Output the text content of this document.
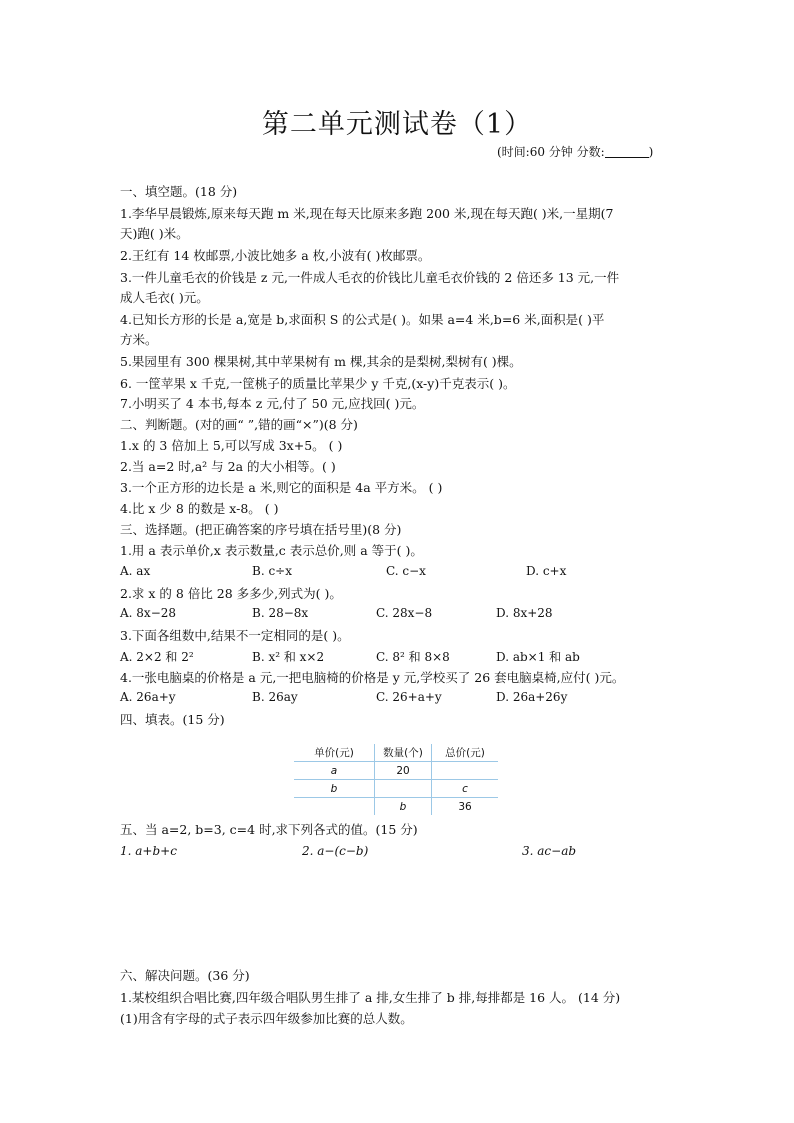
第二单元测试卷（1）
(时间:60 分钟 分数:	)
一、填空题。(18 分)
1.李华早晨锻炼,原来每天跑 m 米,现在每天比原来多跑 200 米,现在每天跑( )米,一星期(7
天)跑( )米。
2.王红有 14 枚邮票,小波比她多 a 枚,小波有( )枚邮票。
3.一件儿童毛衣的价钱是 z 元,一件成人毛衣的价钱比儿童毛衣价钱的 2 倍还多 13 元,一件
成人毛衣( )元。
4.已知长方形的长是 a,宽是 b,求面积 S 的公式是( )。如果 a=4 米,b=6 米,面积是( )平
方米。
5.果园里有 300 棵果树,其中苹果树有 m 棵,其余的是梨树,梨树有( )棵。
6. 一筐苹果 x 千克,一筐桃子的质量比苹果少 y 千克,(x-y)千克表示( )。
7.小明买了 4 本书,每本 z 元,付了 50 元,应找回( )元。
二、判断题。(对的画“ ”,错的画“×”)(8 分)
1.x 的 3 倍加上 5,可以写成 3x+5。 ( )
2.当 a=2 时,a² 与 2a 的大小相等。( )
3.一个正方形的边长是 a 米,则它的面积是 4a 平方米。 ( )
4.比 x 少 8 的数是 x-8。 ( )
三、选择题。(把正确答案的序号填在括号里)(8 分)
1.用 a 表示单价,x 表示数量,c 表示总价,则 a 等于( )。
A. ax	B. c÷x	C. c−x	D. c+x
2.求 x 的 8 倍比 28 多多少,列式为( )。
A. 8x−28	B. 28−8x	C. 28x−8	D. 8x+28
3.下面各组数中,结果不一定相同的是( )。
A. 2×2 和 2²	B. x² 和 x×2	C. 8² 和 8×8	D. ab×1 和 ab
4.一张电脑桌的价格是 a 元,一把电脑椅的价格是 y 元,学校买了 26 套电脑桌椅,应付( )元。
A. 26a+y	B. 26ay	C. 26+a+y	D. 26a+26y
四、填表。(15 分)
单价(元)	数量(个)	总价(元)
a	20	
b		c
	b	36
五、当 a=2, b=3, c=4 时,求下列各式的值。(15 分)
1. a+b+c	2. a−(c−b)	3. ac−ab
六、解决问题。(36 分)
1.某校组织合唱比赛,四年级合唱队男生排了 a 排,女生排了 b 排,每排都是 16 人。 (14 分)
(1)用含有字母的式子表示四年级参加比赛的总人数。
